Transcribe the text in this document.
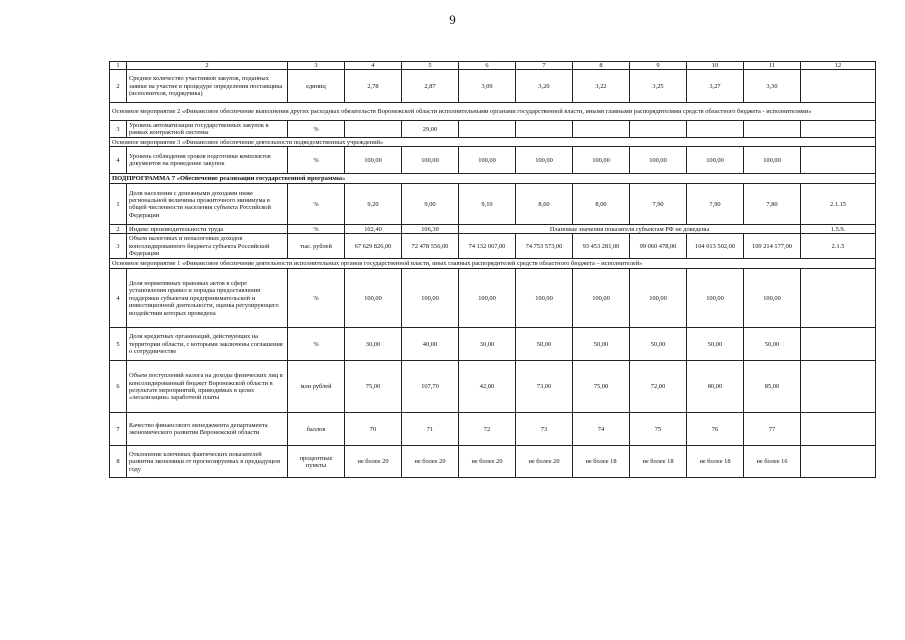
9
1	2	3	4	5	6	7	8	9	10	11	12
2	Среднее количество участников закупок, поданных заявки на участие в процедуре определения поставщика (исполнителя, подрядчика)	единиц	2,78	2,87	3,09	3,20	3,22	3,25	3,27	3,30	
Основное мероприятие 2 «Финансовое обеспечение выполнения других расходных обязательств Воронежской области исполнительными органами государственной власти, иными главными распорядителями средств областного бюджета - исполнителями»											
3	Уровень автоматизации государственных закупок в рамках контрактной системы	%		29,00							
Основное мероприятие 3 «Финансовое обеспечение деятельности подведомственных учреждений»											
4	Уровень соблюдения сроков подготовки комплектов документов на проведение закупок	%	100,00	100,00	100,00	100,00	100,00	100,00	100,00	100,00	
ПОДПРОГРАММА 7 «Обеспечение реализации государственной программы»											
1	Доля населения с денежными доходами ниже региональной величины прожиточного минимума в общей численности населения субъекта Российской Федерации	%	9,20	9,00	9,10	8,60	8,00	7,90	7,90	7,80	2.1.15
2	Индекс производительности труда	%	102,40	106,30	Плановые значения показателя субъектам РФ не доведены						1.5.9.
3	Объем налоговых и неналоговых доходов консолидированного бюджета субъекта Российской Федерации	тыс. рублей	67 629 826,00	72 478 556,00	74 132 067,00	74 753 573,00	93 453 281,00	99 060 478,00	104 013 502,00	109 214 177,00	2.1.5
Основное мероприятие 1 «Финансовое обеспечение деятельности исполнительных органов государственной власти, иных главных распорядителей средств областного бюджета – исполнителей»											
4	Доля нормативных правовых актов в сфере установления правил и порядка предоставления поддержки субъектам предпринимательской и инвестиционной деятельности, оценка регулирующего воздействия которых проведена	%	100,00	100,00	100,00	100,00	100,00	100,00	100,00	100,00	
5	Доля кредитных организаций, действующих на территории области, с которыми заключены соглашения о сотрудничестве	%	30,00	40,00	30,00	50,00	50,00	50,00	50,00	50,00	
6	Объем поступлений налога на доходы физических лиц в консолидированный бюджет Воронежской области в результате мероприятий, приводимых в целях «легализации» заработной платы	млн рублей	75,00	107,70	42,00	73,00	75,00	72,00	80,00	85,00	
7	Качество финансового менеджмента департамента экономического развития Воронежской области	баллов	70	71	72	73	74	75	76	77	
8	Отклонение ключевых фактических показателей развития экономики от прогнозируемых в предыдущем году	процентные пункты	не более 20	не более 20	не более 20	не более 20	не более 18	не более 18	не более 18	не более 16	
